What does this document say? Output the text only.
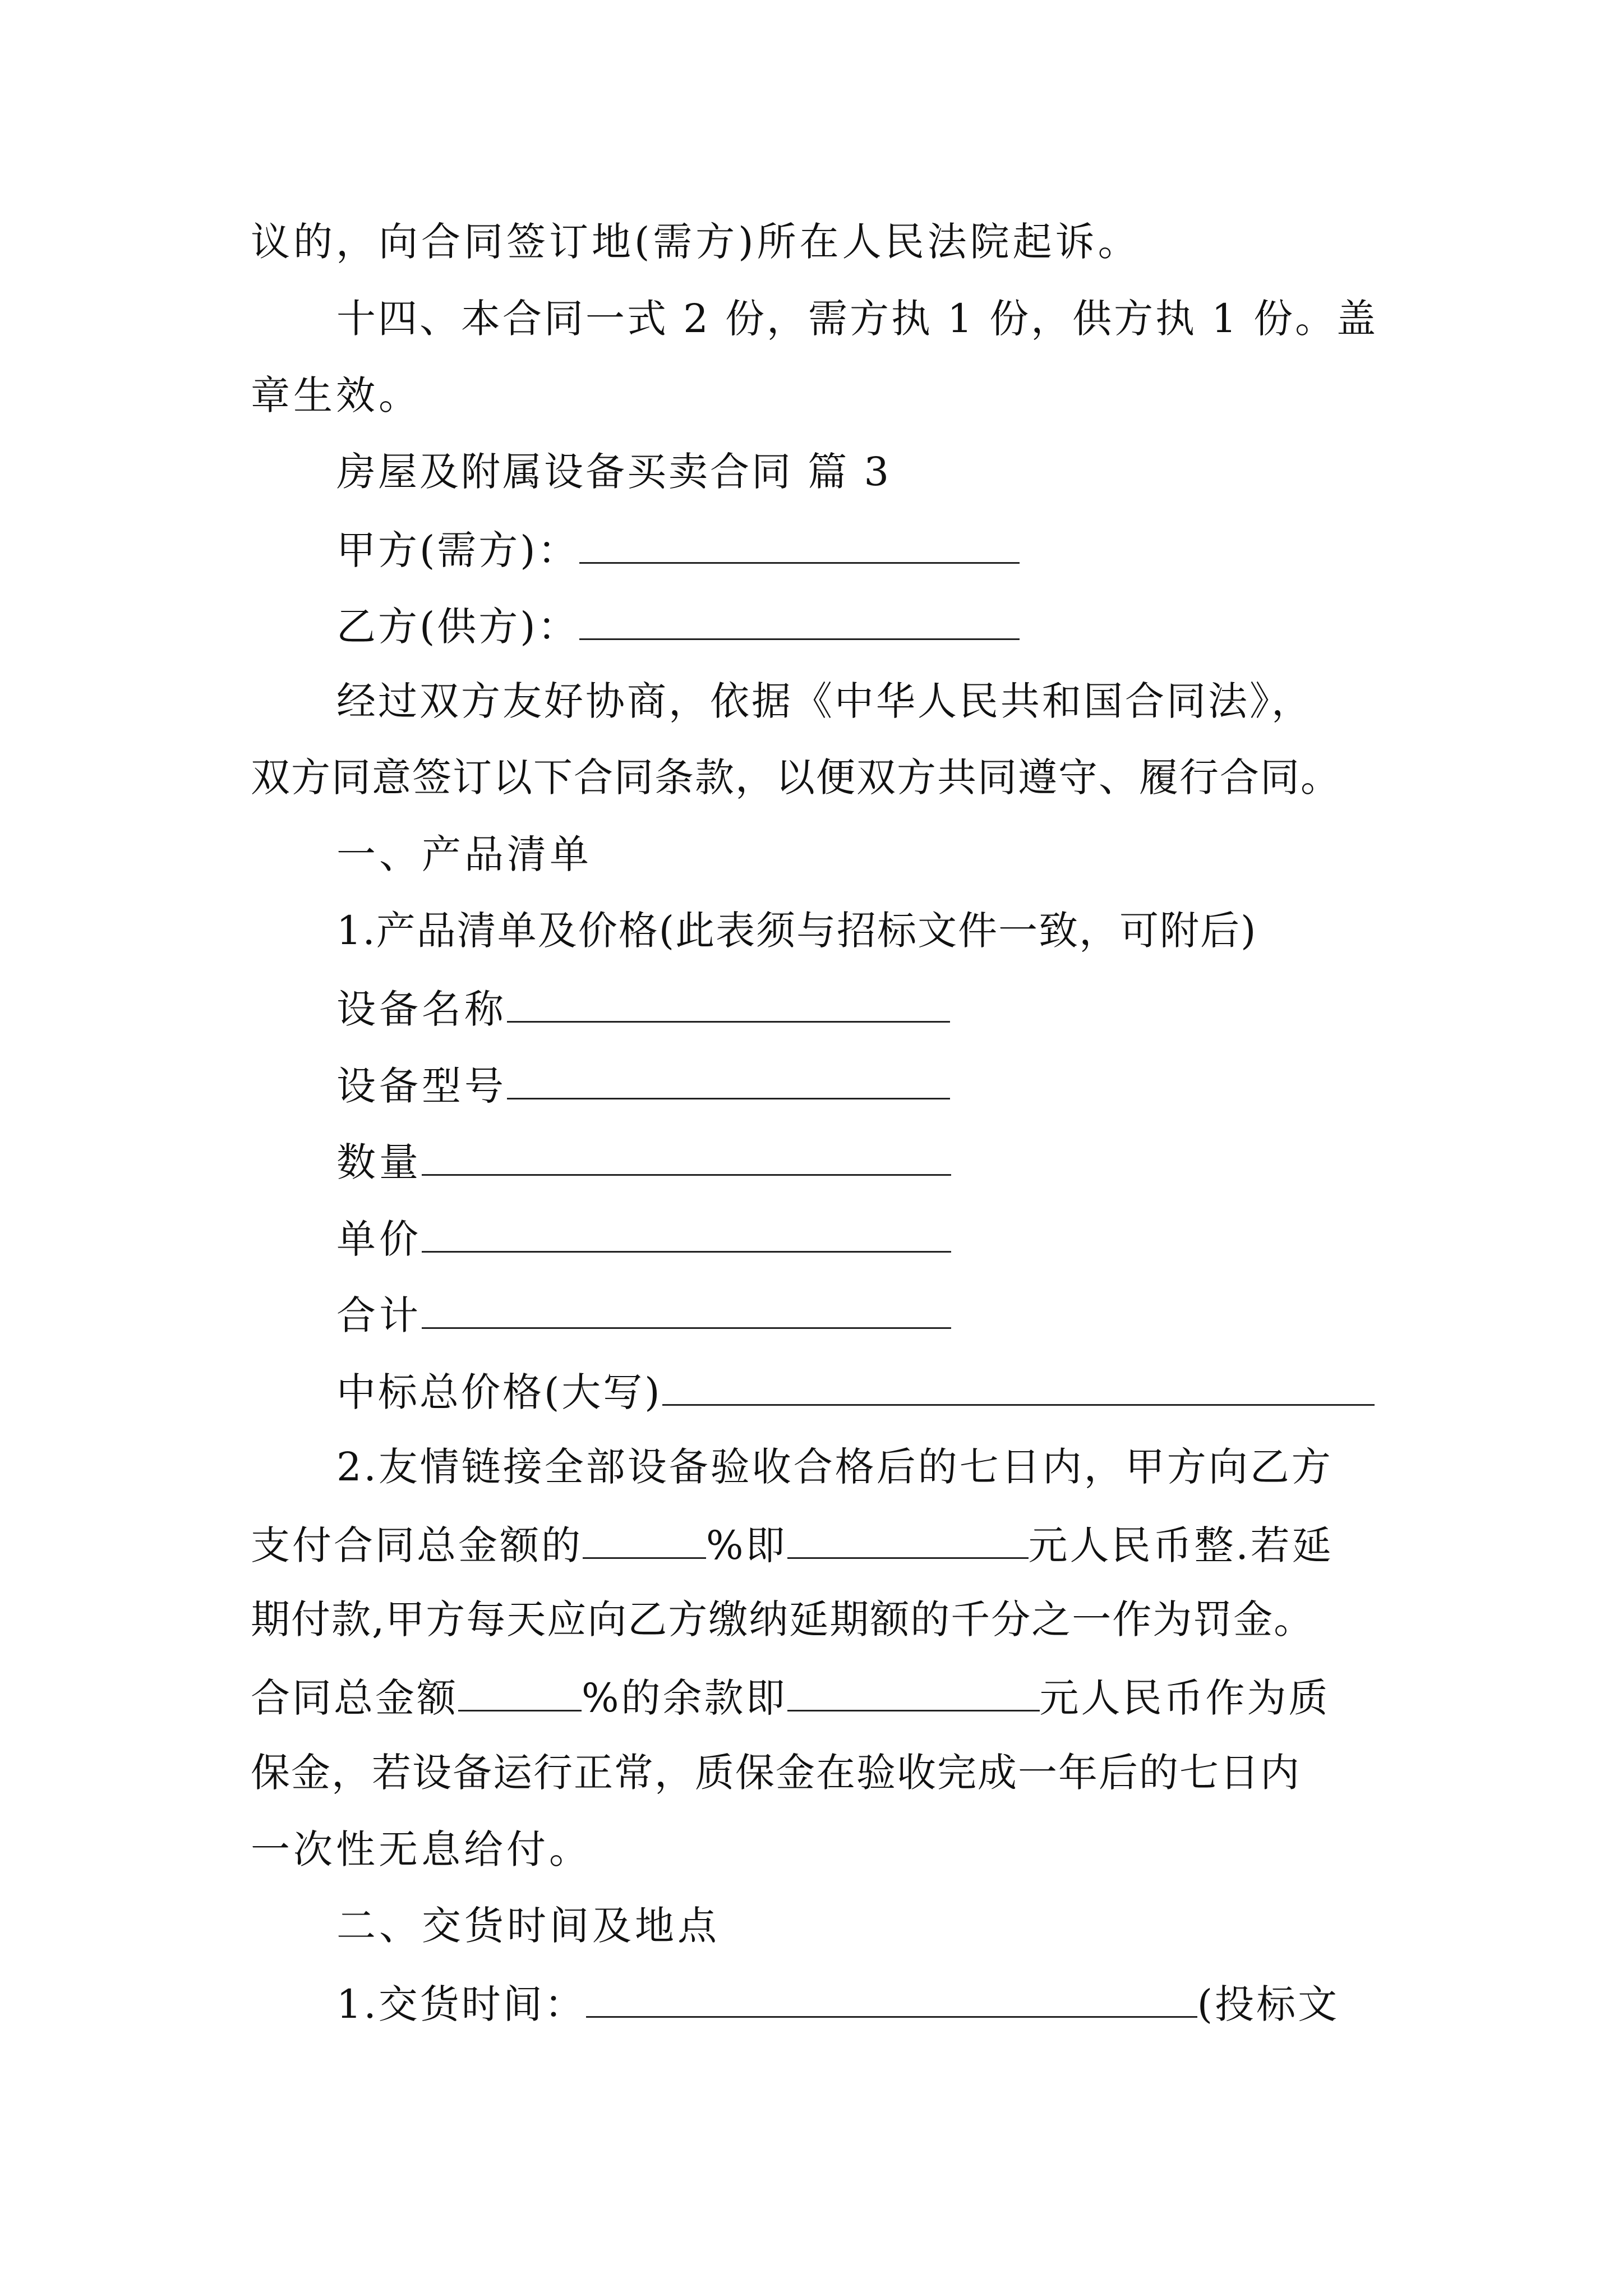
议的，向合同签订地(需方)所在人民法院起诉。
十四、本合同一式 2 份，需方执 1 份，供方执 1 份。盖
章生效。
房屋及附属设备买卖合同 篇 3
甲方(需方)：
乙方(供方)：
经过双方友好协商，依据《中华人民共和国合同法》，
双方同意签订以下合同条款，以便双方共同遵守、履行合同。
一、产品清单
1.产品清单及价格(此表须与招标文件一致，可附后)
设备名称
设备型号
数量
单价
合计
中标总价格(大写)
2.友情链接全部设备验收合格后的七日内，甲方向乙方
支付合同总金额的	%即	元人民币整.若延
期付款,甲方每天应向乙方缴纳延期额的千分之一作为罚金。
合同总金额	%的余款即	元人民币作为质
保金，若设备运行正常，质保金在验收完成一年后的七日内
一次性无息给付。
二、交货时间及地点
1.交货时间：	(投标文
